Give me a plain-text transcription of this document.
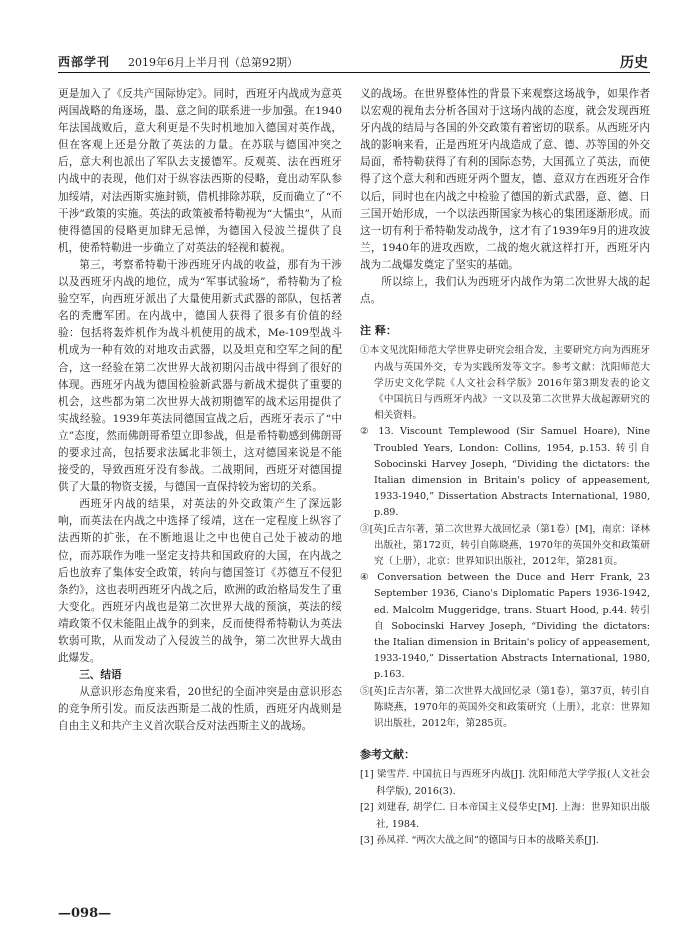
西部学刊 2019年6月上半月刊（总第92期）	历史

更是加入了《反共产国际协定》。同时，西班牙内战成为意英两国战略的角逐场，墨、意之间的联系进一步加强。在1940年法国战败后，意大利更是不失时机地加入德国对英作战，但在客观上还是分散了英法的力量。在苏联与德国冲突之后，意大利也派出了军队去支援德军。反观英、法在西班牙内战中的表现，他们对于纵容法西斯的侵略，竟出动军队参加绥靖，对法西斯实施封锁，借机排除苏联，反而确立了“不干涉”政策的实施。英法的政策被希特勒视为“大懦虫”，从而使得德国的侵略更加肆无忌惮，为德国入侵波兰提供了良机，使希特勒进一步确立了对英法的轻视和藐视。

第三，考察希特勒干涉西班牙内战的收益，那有为干涉以及西班牙内战的地位，成为“军事试验场”，希特勒为了检验空军，向西班牙派出了大量使用新式武器的部队，包括著名的秃鹰军团。在内战中，德国人获得了很多有价值的经验：包括将轰炸机作为战斗机使用的战术，Me-109型战斗机成为一种有效的对地攻击武器，以及坦克和空军之间的配合，这一经验在第二次世界大战初期闪击战中得到了很好的体现。西班牙内战为德国检验新武器与新战术提供了重要的机会，这些都为第二次世界大战初期德军的战术运用提供了实战经验。1939年英法同德国宣战之后，西班牙表示了“中立”态度，然而佛朗哥希望立即参战，但是希特勒感到佛朗哥的要求过高，包括要求法属北非领土，这对德国来说是不能接受的，导致西班牙没有参战。二战期间，西班牙对德国提供了大量的物资支援，与德国一直保持较为密切的关系。

西班牙内战的结果，对英法的外交政策产生了深远影响，而英法在内战之中选择了绥靖，这在一定程度上纵容了法西斯的扩张，在不断地退让之中也使自己处于被动的地位，而苏联作为唯一坚定支持共和国政府的大国，在内战之后也放弃了集体安全政策，转向与德国签订《苏德互不侵犯条约》，这也表明西班牙内战之后，欧洲的政治格局发生了重大变化。西班牙内战也是第二次世界大战的预演，英法的绥靖政策不仅未能阻止战争的到来，反而使得希特勒认为英法软弱可欺，从而发动了入侵波兰的战争，第二次世界大战由此爆发。

三、结语

从意识形态角度来看，20世纪的全面冲突是由意识形态的竞争所引发。而反法西斯是二战的性质，西班牙内战则是自由主义和共产主义首次联合反对法西斯主义的战场。

义的战场。在世界整体性的背景下来观察这场战争，如果作者以宏观的视角去分析各国对于这场内战的态度，就会发现西班牙内战的结局与各国的外交政策有着密切的联系。从西班牙内战的影响来看，正是西班牙内战造成了意、德、苏等国的外交局面，希特勒获得了有利的国际态势，大国孤立了英法，而使得了这个意大利和西班牙两个盟友，德、意双方在西班牙合作以后，同时也在内战之中检验了德国的新式武器，意、德、日三国开始形成，一个以法西斯国家为核心的集团逐渐形成。而这一切有利于希特勒发动战争，这才有了1939年9月的进攻波兰，1940年的进攻西欧，二战的炮火就这样打开，西班牙内战为二战爆发奠定了坚实的基础。

所以综上，我们认为西班牙内战作为第二次世界大战的起点。

注 释：

①本文见沈阳师范大学世界史研究会组合发，主要研究方向为西班牙内战与英国外交，专为实践所发等文字。参考文献：沈阳师范大学历史文化学院《人文社会科学版》2016年第3期发表的论文《中国抗日与西班牙内战》一文以及第二次世界大战起源研究的相关资料。

② 13. Viscount Templewood (Sir Samuel Hoare), Nine Troubled Years, London: Collins, 1954, p.153. 转引自 Sobocinski Harvey Joseph, “Dividing the dictators: the Italian dimension in Britain's policy of appeasement, 1933-1940,” Dissertation Abstracts International, 1980, p.89.

③[英]丘吉尔著，第二次世界大战回忆录（第1卷）[M]，南京：译林出版社，第172页，转引自陈晓燕，1970年的英国外交和政策研究（上册），北京：世界知识出版社，2012年，第281页。

④ Conversation between the Duce and Herr Frank, 23 September 1936, Ciano's Diplomatic Papers 1936-1942, ed. Malcolm Muggeridge, trans. Stuart Hood, p.44. 转引自 Sobocinski Harvey Joseph, “Dividing the dictators: the Italian dimension in Britain's policy of appeasement, 1933-1940,” Dissertation Abstracts International, 1980, p.163.

⑤[英]丘吉尔著，第二次世界大战回忆录（第1卷），第37页，转引自陈晓燕，1970年的英国外交和政策研究（上册），北京：世界知识出版社，2012年，第285页。

参考文献：

[1] 梁雪芹. 中国抗日与西班牙内战[J]. 沈阳师范大学学报(人文社会科学版), 2016(3).

[2] 刘建春, 胡学仁. 日本帝国主义侵华史[M]. 上海：世界知识出版社, 1984.

[3] 孙凤祥. “两次大战之间”的德国与日本的战略关系[J].

—098—
